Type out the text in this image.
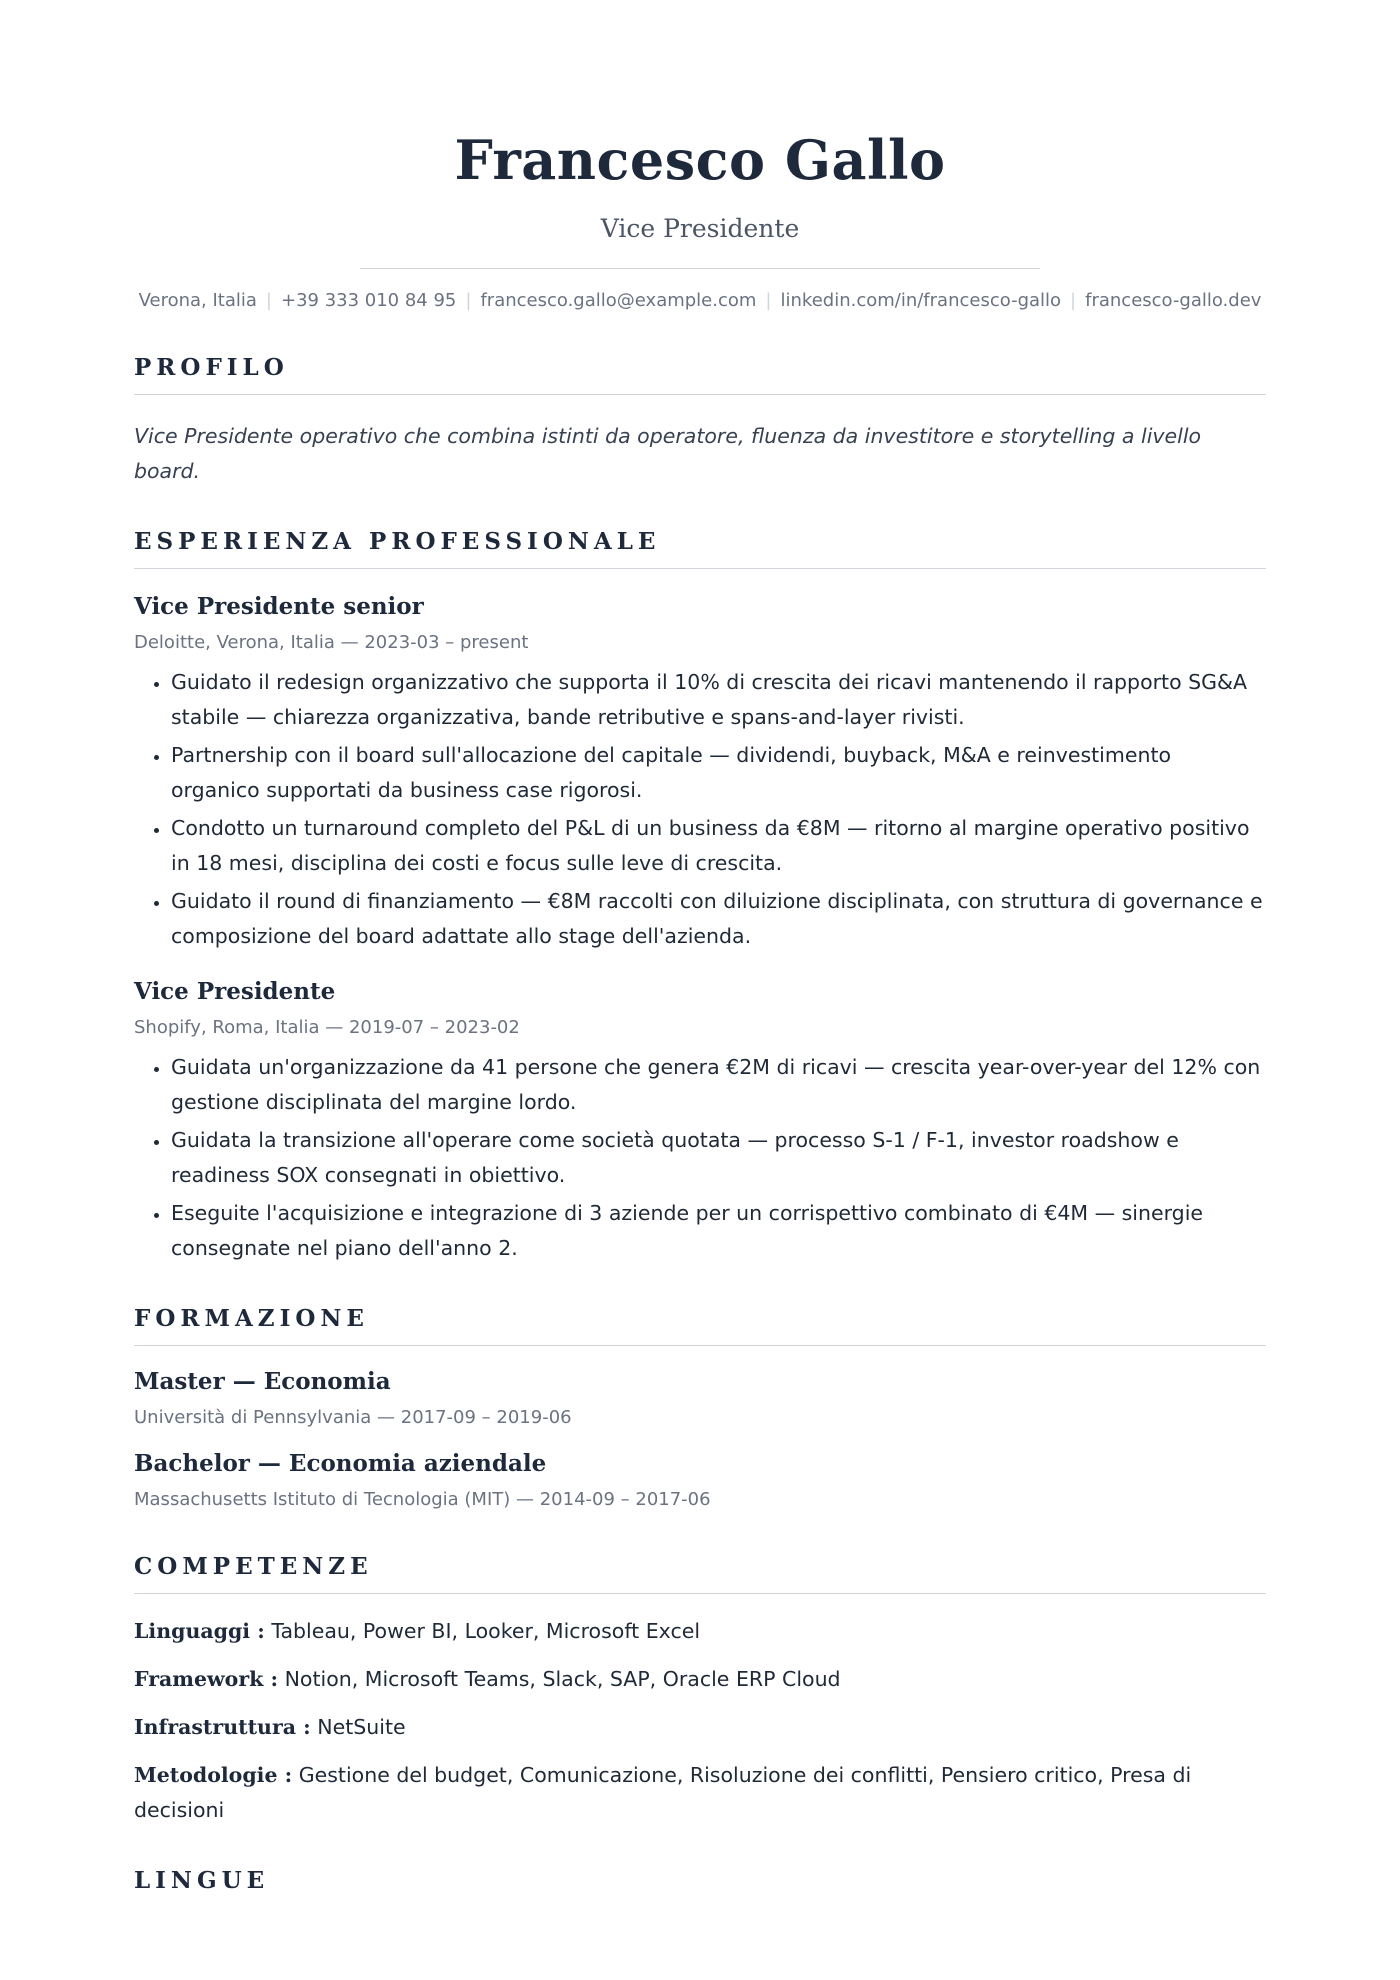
Francesco Gallo
Vice Presidente
Verona, Italia | +39 333 010 84 95 | francesco.gallo@example.com | linkedin.com/in/francesco-gallo | francesco-gallo.dev
PROFILO
Vice Presidente operativo che combina istinti da operatore, fluenza da investitore e storytelling a livello board.
ESPERIENZA PROFESSIONALE
Vice Presidente senior
Deloitte, Verona, Italia — 2023-03 – present
• Guidato il redesign organizzativo che supporta il 10% di crescita dei ricavi mantenendo il rapporto SG&A stabile — chiarezza organizzativa, bande retributive e spans-and-layer rivisti.
• Partnership con il board sull'allocazione del capitale — dividendi, buyback, M&A e reinvestimento organico supportati da business case rigorosi.
• Condotto un turnaround completo del P&L di un business da €8M — ritorno al margine operativo positivo in 18 mesi, disciplina dei costi e focus sulle leve di crescita.
• Guidato il round di finanziamento — €8M raccolti con diluizione disciplinata, con struttura di governance e composizione del board adattate allo stage dell'azienda.
Vice Presidente
Shopify, Roma, Italia — 2019-07 – 2023-02
• Guidata un'organizzazione da 41 persone che genera €2M di ricavi — crescita year-over-year del 12% con gestione disciplinata del margine lordo.
• Guidata la transizione all'operare come società quotata — processo S-1 / F-1, investor roadshow e readiness SOX consegnati in obiettivo.
• Eseguite l'acquisizione e integrazione di 3 aziende per un corrispettivo combinato di €4M — sinergie consegnate nel piano dell'anno 2.
FORMAZIONE
Master — Economia
Università di Pennsylvania — 2017-09 – 2019-06
Bachelor — Economia aziendale
Massachusetts Istituto di Tecnologia (MIT) — 2014-09 – 2017-06
COMPETENZE
Linguaggi : Tableau, Power BI, Looker, Microsoft Excel
Framework : Notion, Microsoft Teams, Slack, SAP, Oracle ERP Cloud
Infrastruttura : NetSuite
Metodologie : Gestione del budget, Comunicazione, Risoluzione dei conflitti, Pensiero critico, Presa di decisioni
LINGUE
